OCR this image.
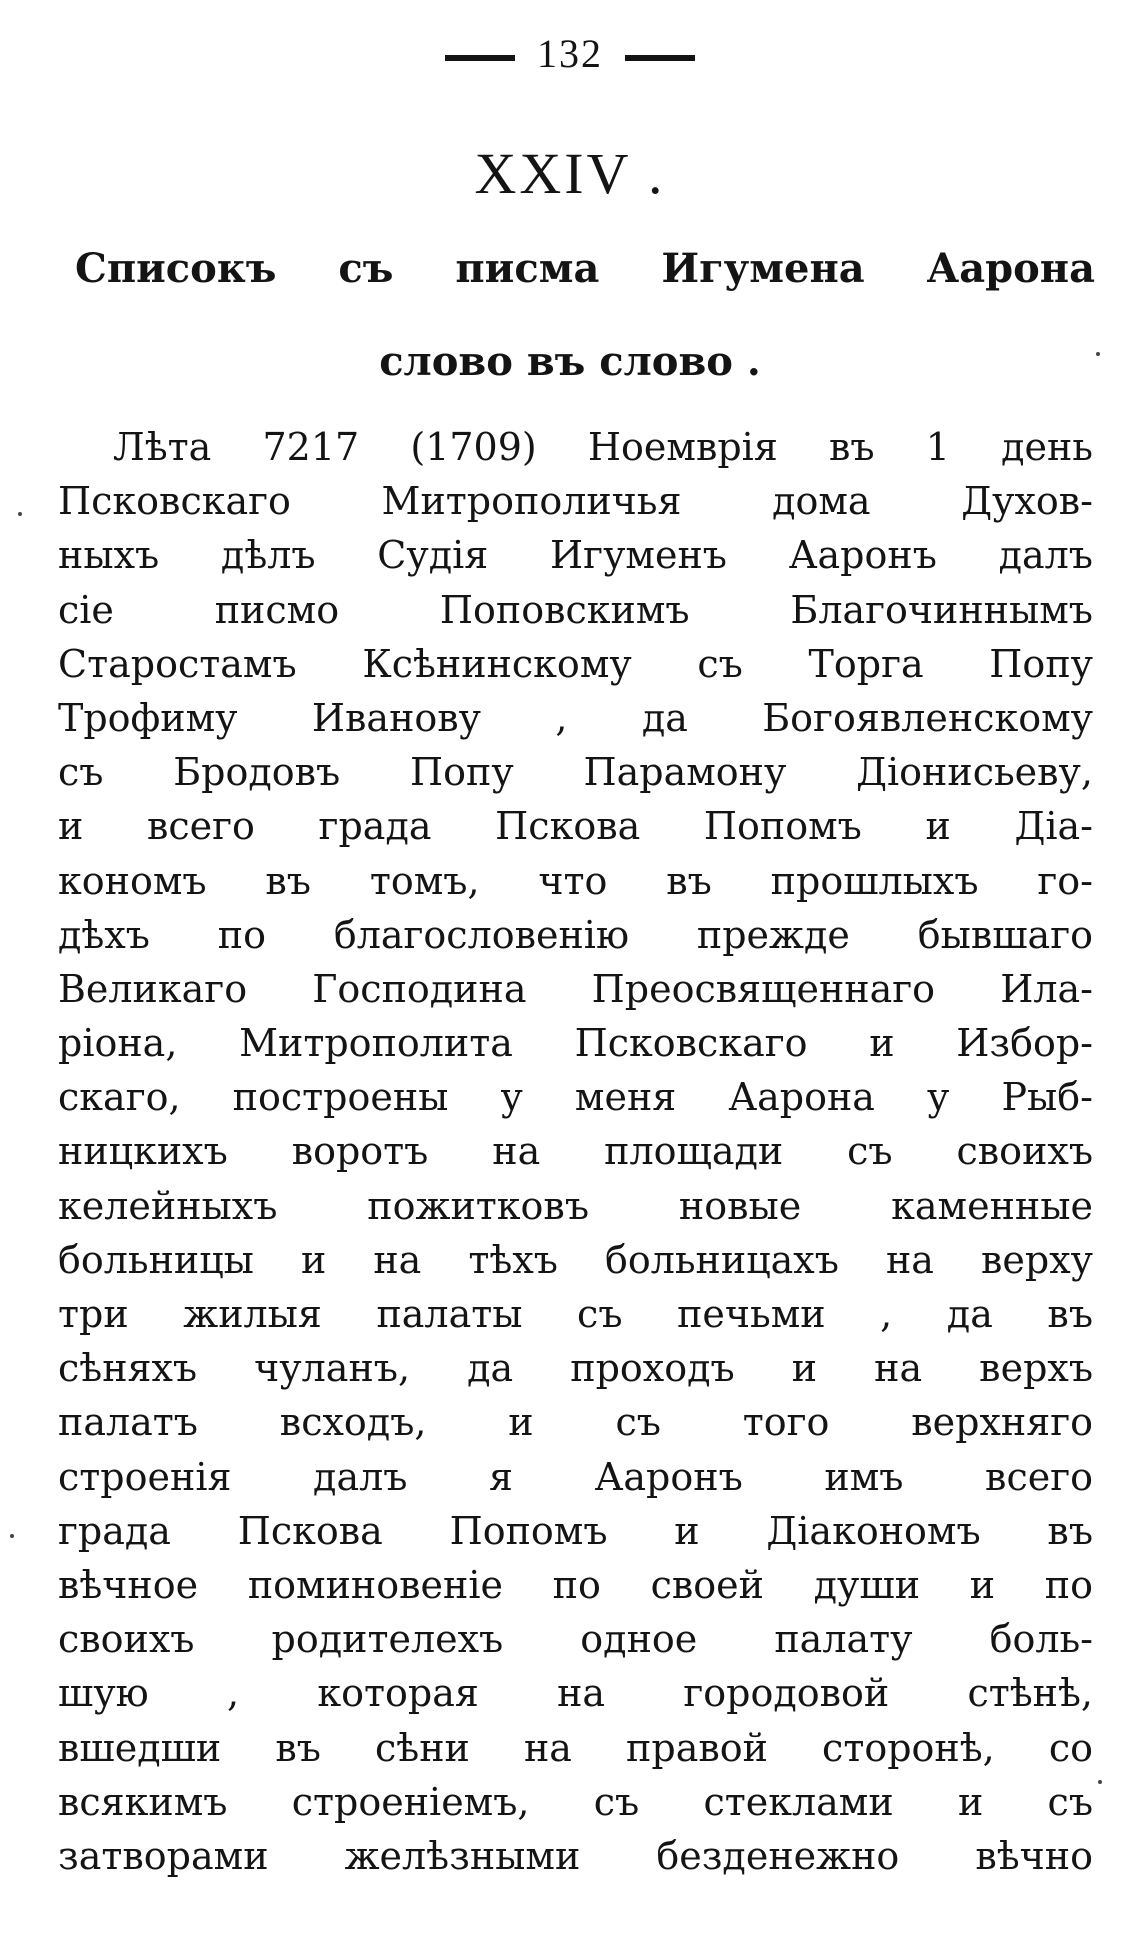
132
XXIV .
Списокъ съ писма Игумена Аарона
слово въ слово .
Лѣта 7217 (1709) Ноемврія въ 1 день
Псковскаго Митрополичья дома Духов-
ныхъ дѣлъ Судія Игуменъ Ааронъ далъ
сіе писмо Поповскимъ Благочиннымъ
Старостамъ Ксѣнинскому съ Торга Попу
Трофиму Иванову , да Богоявленскому
съ Бродовъ Попу Парамону Діонисьеву,
и всего града Пскова Попомъ и Діа-
кономъ въ томъ, что въ прошлыхъ го-
дѣхъ по благословенію прежде бывшаго
Великаго Господина Преосвященнаго Ила-
ріона, Митрополита Псковскаго и Избор-
скаго, построены у меня Аарона у Рыб-
ницкихъ воротъ на площади съ своихъ
келейныхъ пожитковъ новые каменные
больницы и на тѣхъ больницахъ на верху
три жилыя палаты съ печьми , да въ
сѣняхъ чуланъ, да проходъ и на верхъ
палатъ всходъ, и съ того верхняго
строенія далъ я Ааронъ имъ всего
града Пскова Попомъ и Діакономъ въ
вѣчное поминовеніе по своей души и по
своихъ родителехъ одное палату боль-
шую , которая на городовой стѣнѣ,
вшедши въ сѣни на правой сторонѣ, со
всякимъ строеніемъ, съ стеклами и съ
затворами желѣзными безденежно вѣчно
